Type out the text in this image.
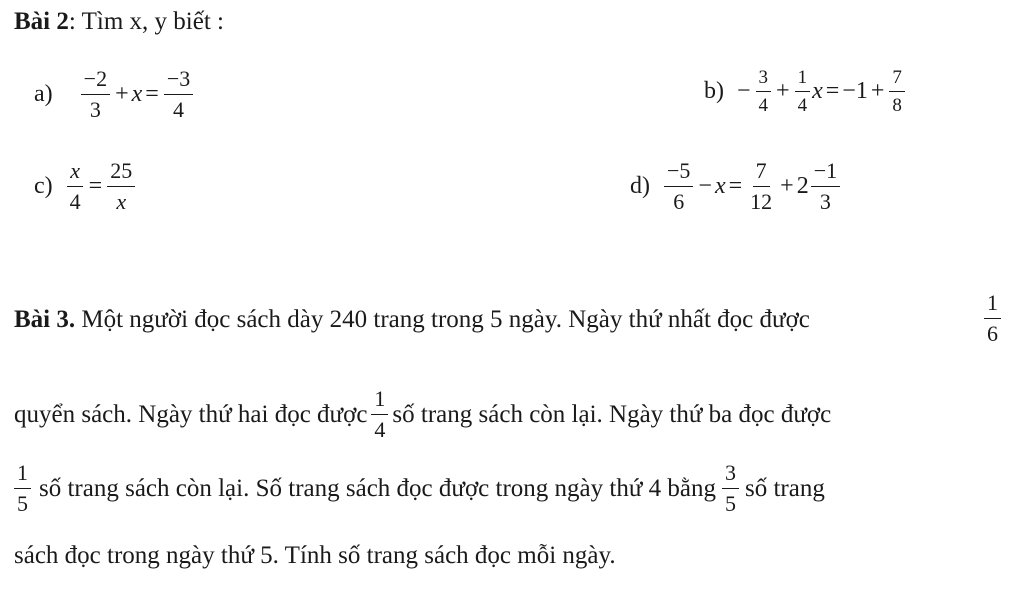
Bài 2: Tìm x, y biết :
$a) \frac{-2}{3} + x = \frac{-3}{4}$	$b) - \frac{3}{4} + \frac{1}{4}$ $x = -1 + \frac{7}{8}$
$c) \frac{x}{4} = \frac{25}{x}$	$d) \frac{-5}{6} - x = \frac{7}{12} + 2 \frac{-1}{3}$
Bài 3. Một người đọc sách dày 240 trang trong 5 ngày. Ngày thứ nhất đọc được	$\frac{1}{6}$
quyển sách. Ngày thứ hai đọc được $\frac{1}{4}$ số trang sách còn lại. Ngày thứ ba đọc được
$\frac{1}{5}$ số trang sách còn lại. Số trang sách đọc được trong ngày thứ 4 bằng $\frac{3}{5}$ số trang
sách đọc trong ngày thứ 5. Tính số trang sách đọc mỗi ngày.
